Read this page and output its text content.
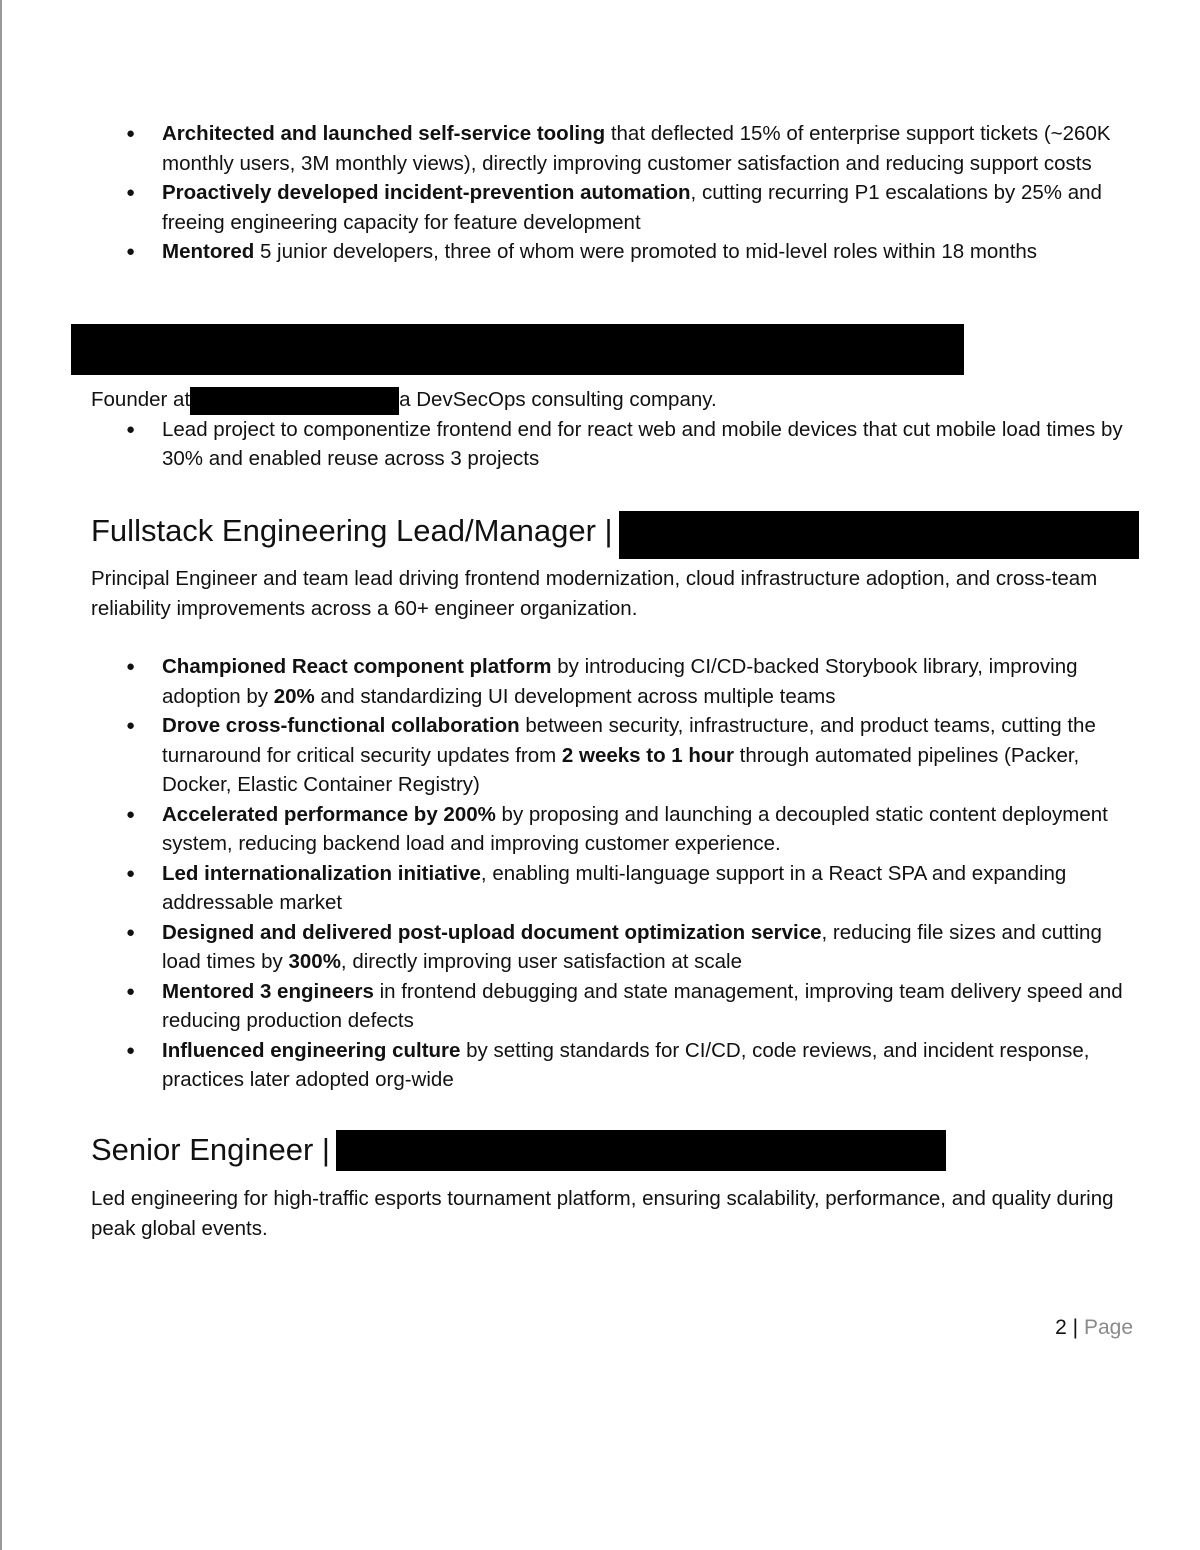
● Architected and launched self-service tooling that deflected 15% of enterprise support tickets (~260K monthly users, 3M monthly views), directly improving customer satisfaction and reducing support costs
● Proactively developed incident-prevention automation, cutting recurring P1 escalations by 25% and freeing engineering capacity for feature development
● Mentored 5 junior developers, three of whom were promoted to mid-level roles within 18 months
Founder at	a DevSecOps consulting company.
● Lead project to componentize frontend end for react web and mobile devices that cut mobile load times by 30% and enabled reuse across 3 projects
Fullstack Engineering Lead/Manager |
Principal Engineer and team lead driving frontend modernization, cloud infrastructure adoption, and cross-team reliability improvements across a 60+ engineer organization.
● Championed React component platform by introducing CI/CD-backed Storybook library, improving adoption by 20% and standardizing UI development across multiple teams
● Drove cross-functional collaboration between security, infrastructure, and product teams, cutting the turnaround for critical security updates from 2 weeks to 1 hour through automated pipelines (Packer, Docker, Elastic Container Registry)
● Accelerated performance by 200% by proposing and launching a decoupled static content deployment system, reducing backend load and improving customer experience.
● Led internationalization initiative, enabling multi-language support in a React SPA and expanding addressable market
● Designed and delivered post-upload document optimization service, reducing file sizes and cutting load times by 300%, directly improving user satisfaction at scale
● Mentored 3 engineers in frontend debugging and state management, improving team delivery speed and reducing production defects
● Influenced engineering culture by setting standards for CI/CD, code reviews, and incident response, practices later adopted org-wide
Senior Engineer |
Led engineering for high-traffic esports tournament platform, ensuring scalability, performance, and quality during peak global events.
2 | Page
